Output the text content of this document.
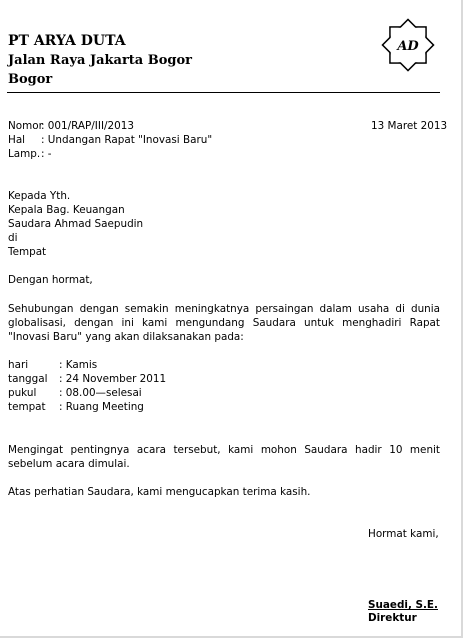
PT ARYA DUTA
Jalan Raya Jakarta Bogor
Bogor
AD
Nomor
: 001/RAP/III/2013	13 Maret 2013
Hal : Undangan Rapat "Inovasi Baru"
Lamp. : -
Kepada Yth.
Kepala Bag. Keuangan
Saudara Ahmad Saepudin
di
Tempat
Dengan hormat,
Sehubungan dengan semakin meningkatnya persaingan dalam usaha di dunia globalisasi, dengan ini kami mengundang Saudara untuk menghadiri Rapat "Inovasi Baru" yang akan dilaksanakan pada:
hari	: Kamis
tanggal : 24 November 2011
pukul : 08.00—selesai
tempat : Ruang Meeting
Mengingat pentingnya acara tersebut, kami mohon Saudara hadir 10 menit sebelum acara dimulai.
Atas perhatian Saudara, kami mengucapkan terima kasih.
Hormat kami,
Suaedi, S.E.
Direktur
